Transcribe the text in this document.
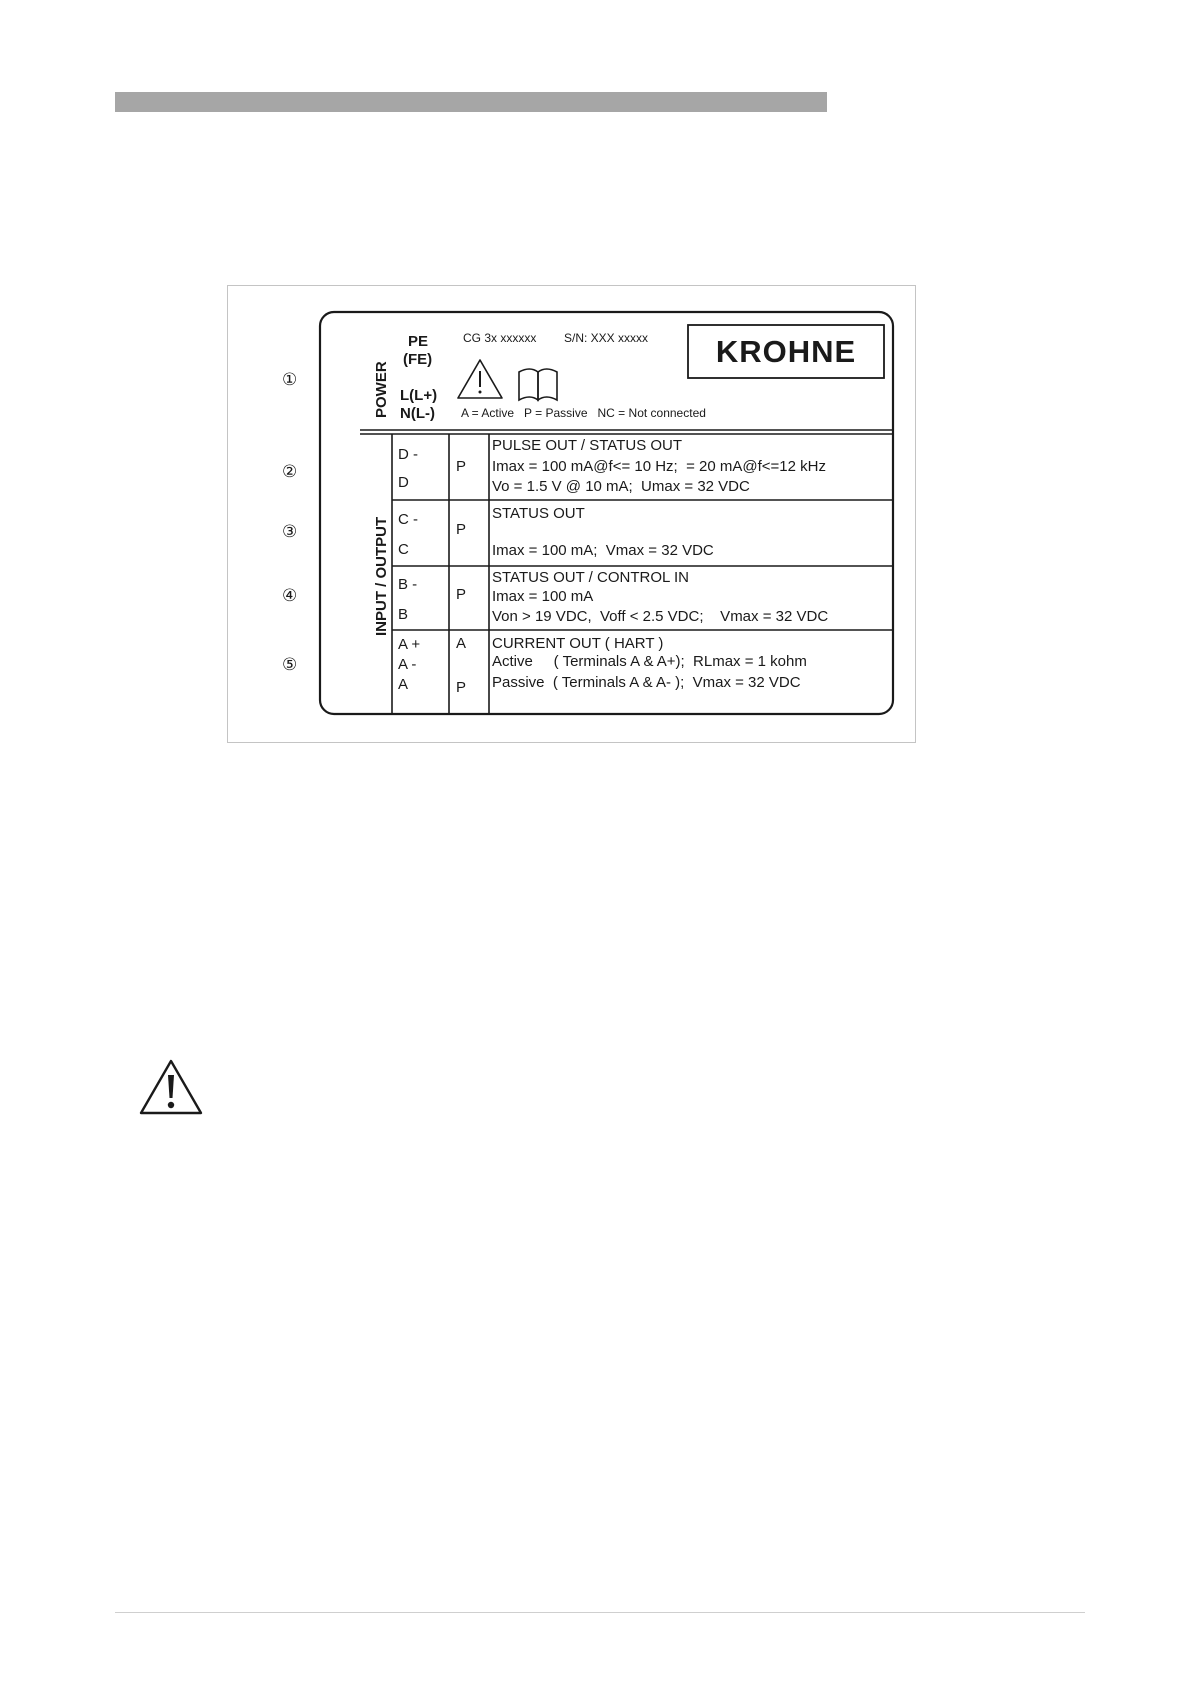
①
②
③
④
⑤
POWER
INPUT / OUTPUT
PE
(FE)
L(L+)
N(L-)
CG 3x xxxxxx S/N: XXX xxxxx KROHNE
A = Active   P = Passive   NC = Not connected
D -
D
P
PULSE OUT / STATUS OUT
Imax = 100 mA@f<= 10 Hz;  = 20 mA@f<=12 kHz
Vo = 1.5 V @ 10 mA;  Umax = 32 VDC
C -
C
P
STATUS OUT
Imax = 100 mA;  Vmax = 32 VDC
B -
B
P
STATUS OUT / CONTROL IN
Imax = 100 mA
Von > 19 VDC,  Voff < 2.5 VDC;    Vmax = 32 VDC
A +
A -
A
A
P
CURRENT OUT ( HART )
Active     ( Terminals A & A+);  RLmax = 1 kohm
Passive  ( Terminals A & A- );  Vmax = 32 VDC
